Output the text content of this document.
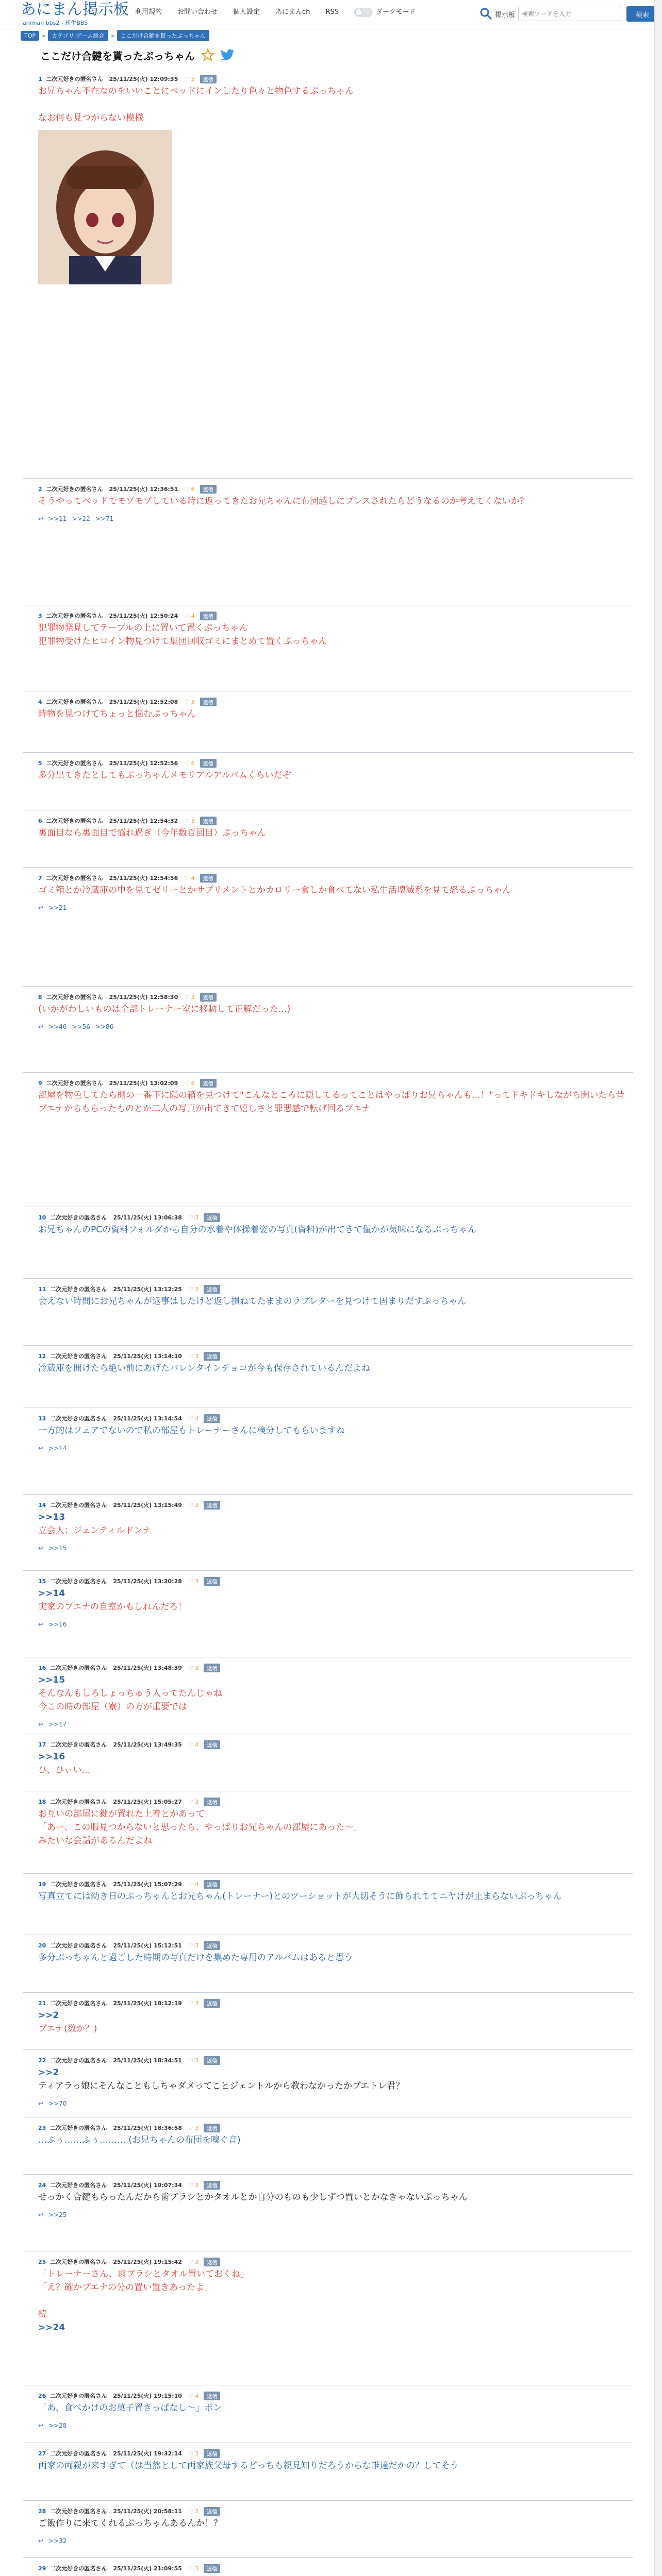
あにまん掲示板
animan bbs2 - 新生BBS
利用規約 お問い合わせ 個人設定 あにまんch RSS	ダークモード	掲示板
検索ワードを入力	検索
TOP	>	カテゴリ:ゲーム総合	>	ここだけ合鍵を貰ったぷっちゃん
ここだけ合鍵を貰ったぷっちゃん
1 二次元好きの匿名さん 25/11/25(火) 12:09:35 ♡ 5	返信
お兄ちゃん不在なのをいいことにベッドにインしたり色々と物色するぷっちゃん

なお何も見つからない模様
2 二次元好きの匿名さん 25/11/25(火) 12:36:51 ♡ 6	返信
そうやってベッドでモゾモゾしている時に返ってきたお兄ちゃんに布団越しにプレスされたらどうなるのか考えてくないか？
↩ >>11 >>22 >>71
3 二次元好きの匿名さん 25/11/25(火) 12:50:24 ♡ 4	返信
犯罪物発見してテーブルの上に置いて置くぷっちゃん
犯罪物受けたヒロイン物見つけて集団回収ゴミにまとめて置くぷっちゃん
4 二次元好きの匿名さん 25/11/25(火) 12:52:08 ♡ 3	返信
時物を見つけてちょっと悩むぷっちゃん
5 二次元好きの匿名さん 25/11/25(火) 12:52:56 ♡ 6	返信
多分出てきたとしてもぷっちゃんメモリアルアルバムくらいだぞ
6 二次元好きの匿名さん 25/11/25(火) 12:54:32 ♡ 3	返信
裏面目なら裏面目で悩れ過ぎ（今年数百回目）ぷっちゃん
7 二次元好きの匿名さん 25/11/25(火) 12:54:56 ♡ 4	返信
ゴミ箱とか冷蔵庫の中を見てゼリーとかサプリメントとかカロリー食しか食べてない私生活壊滅系を見て怒るぷっちゃん
↩ >>21
8 二次元好きの匿名さん 25/11/25(火) 12:58:30 ♡ 3	返信
(いかがわしいものは全部トレーナー室に移動して正解だった…)
↩ >>46 >>56 >>86
9 二次元好きの匿名さん 25/11/25(火) 13:02:09 ♡ 6	返信
部屋を物色してたら棚の一番下に隠の箱を見つけて"こんなところに隠してるってことはやっぱりお兄ちゃんも…！"ってドキドキしながら開いたら昔ブエナからもらったものとか二人の写真が出てきて嬉しさと罪悪感で転げ回るブエナ
10 二次元好きの匿名さん 25/11/25(火) 13:06:38 ♡ 3	返信
お兄ちゃんのPCの資料フォルダから自分の水着や体操着姿の写真(資料)が出てきて僅かが気味になるぷっちゃん
11 二次元好きの匿名さん 25/11/25(火) 13:12:25 ♡ 3	返信
会えない時間にお兄ちゃんが返事はしたけど返し損ねてたままのラブレターを見つけて固まりだすぷっちゃん
12 二次元好きの匿名さん 25/11/25(火) 13:14:10 ♡ 3	返信
冷蔵庫を開けたら絶い前にあげたバレンタインチョコが今も保存されているんだよね
13 二次元好きの匿名さん 25/11/25(火) 13:14:54 ♡ 4	返信
一方的はフェアでないので私の部屋もトレーナーさんに検分してもらいますね
↩ >>14
14 二次元好きの匿名さん 25/11/25(火) 13:15:49 ♡ 3	返信
>>13
立会人：ジェンティルドンナ
↩ >>15
15 二次元好きの匿名さん 25/11/25(火) 13:20:28 ♡ 3	返信
>>14
実家のブエナの自室かもしれんだろ！
↩ >>16
16 二次元好きの匿名さん 25/11/25(火) 13:48:39 ♡ 3	返信
>>15
そんなんもしろしょっちゅう入ってたんじゃね
今この時の部屋（寮）の方が重要では
↩ >>17
17 二次元好きの匿名さん 25/11/25(火) 13:49:35 ♡ 4	返信
>>16
ひ、ひぃい…
18 二次元好きの匿名さん 25/11/25(火) 15:05:27 ♡ 3	返信
お互いの部屋に鍵が置れた上着とかあって
「あー、この服見つからないと思ったら、やっぱりお兄ちゃんの部屋にあった〜」
みたいな会話があるんだよね
19 二次元好きの匿名さん 25/11/25(火) 15:07:29 ♡ 4	返信
写真立てには幼き日のぷっちゃんとお兄ちゃん(トレーナー)とのツーショットが大切そうに飾られててニヤけが止まらないぷっちゃん
20 二次元好きの匿名さん 25/11/25(火) 15:12:51 ♡ 3	返信
多分ぷっちゃんと過ごした時期の写真だけを集めた専用のアルバムはあると思う
21 二次元好きの匿名さん 25/11/25(火) 18:12:19 ♡ 3	返信
>>2
ブエナ(数か？)
22 二次元好きの匿名さん 25/11/25(火) 18:34:51 ♡ 3	返信
>>2
ティアラっ娘にそんなこともしちゃダメってことジェントルから教わなかったかブエトレ君？
↩ >>70
23 二次元好きの匿名さん 25/11/25(火) 18:36:58 ♡ 3	返信
…ふぅ……ふぅ……… (お兄ちゃんの布団を嗅ぐ音)
24 二次元好きの匿名さん 25/11/25(火) 19:07:34 ♡ 3	返信
せっかく合鍵もらったんだから歯ブラシとかタオルとか自分のものも少しずつ置いとかなきゃないぷっちゃん
↩ >>25
25 二次元好きの匿名さん 25/11/25(火) 19:15:42 ♡ 3	返信
「トレーナーさん、歯ブラシとタオル置いておくね」
「え？確かブエナの分の置い置きあったよ」

続
>>24
26 二次元好きの匿名さん 25/11/25(火) 19:15:10 ♡ 4	返信
「あ、食べかけのお菓子置きっぱなし〜」ポン
↩ >>28
27 二次元好きの匿名さん 25/11/25(火) 19:32:14 ♡ 3	返信
両家の両親が来すぎて（は当然として両家族父母するどっちも親見知りだろうからな誰達だかの？してそう
28 二次元好きの匿名さん 25/11/25(火) 20:58:11 ♡ 3	返信
ご飯作りに来てくれるぷっちゃんあるんか！？
↩ >>32
29 二次元好きの匿名さん 25/11/25(火) 21:09:55 ♡ 3	返信
